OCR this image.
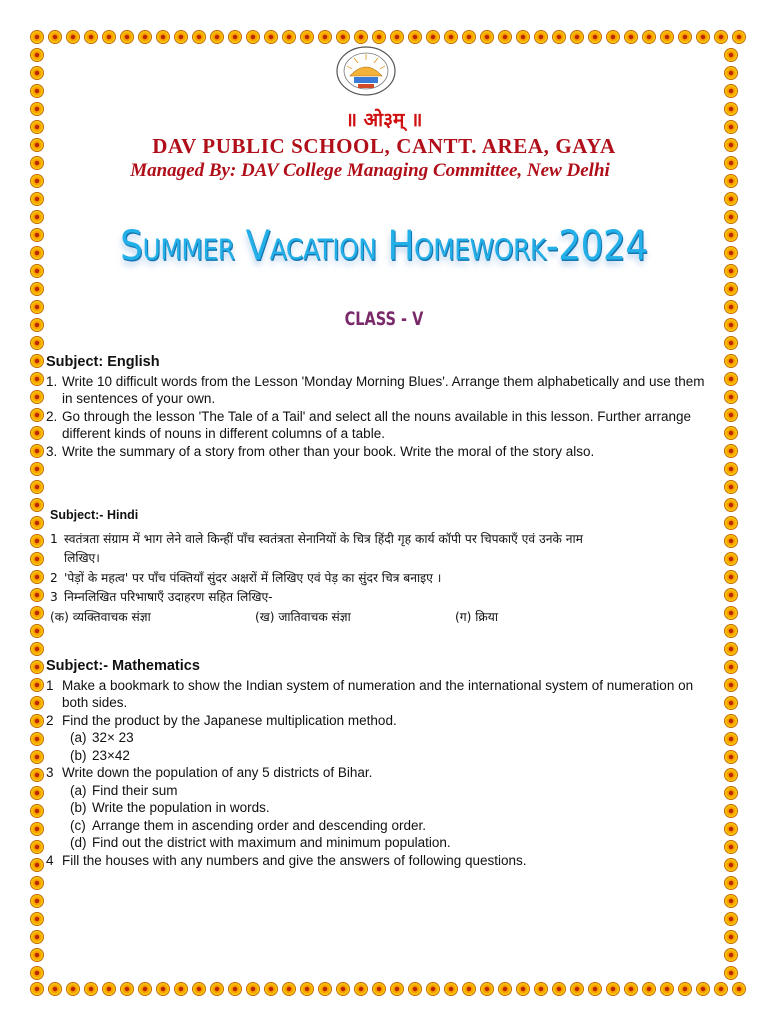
॥ ओ३म् ॥
DAV PUBLIC SCHOOL, CANTT. AREA, GAYA
Managed By: DAV College Managing Committee, New Delhi
Summer Vacation Homework-2024
CLASS - V
Subject: English
1. Write 10 difficult words from the Lesson 'Monday Morning Blues'. Arrange them alphabetically and use them in sentences of your own.
2. Go through the lesson 'The Tale of a Tail' and select all the nouns available in this lesson. Further arrange different kinds of nouns in different columns of a table.
3. Write the summary of a story from other than your book. Write the moral of the story also.
Subject:- Hindi
1 स्वतंत्रता संग्राम में भाग लेने वाले किन्हीं पाँच स्वतंत्रता सेनानियों के चित्र हिंदी गृह कार्य कॉपी पर चिपकाएँ एवं उनके नाम लिखिए।
2 'पेड़ों के महत्व' पर पाँच पंक्तियाँ सुंदर अक्षरों में लिखिए एवं पेड़ का सुंदर चित्र बनाइए ।
3 निम्नलिखित परिभाषाएँ उदाहरण सहित लिखिए-
(क) व्यक्तिवाचक संज्ञा	(ख) जातिवाचक संज्ञा	(ग) क्रिया
Subject:- Mathematics
1 Make a bookmark to show the Indian system of numeration and the international system of numeration on both sides.
2 Find the product by the Japanese multiplication method.
(a) 32× 23
(b) 23×42
3 Write down the population of any 5 districts of Bihar.
(a) Find their sum
(b) Write the population in words.
(c) Arrange them in ascending order and descending order.
(d) Find out the district with maximum and minimum population.
4 Fill the houses with any numbers and give the answers of following questions.
